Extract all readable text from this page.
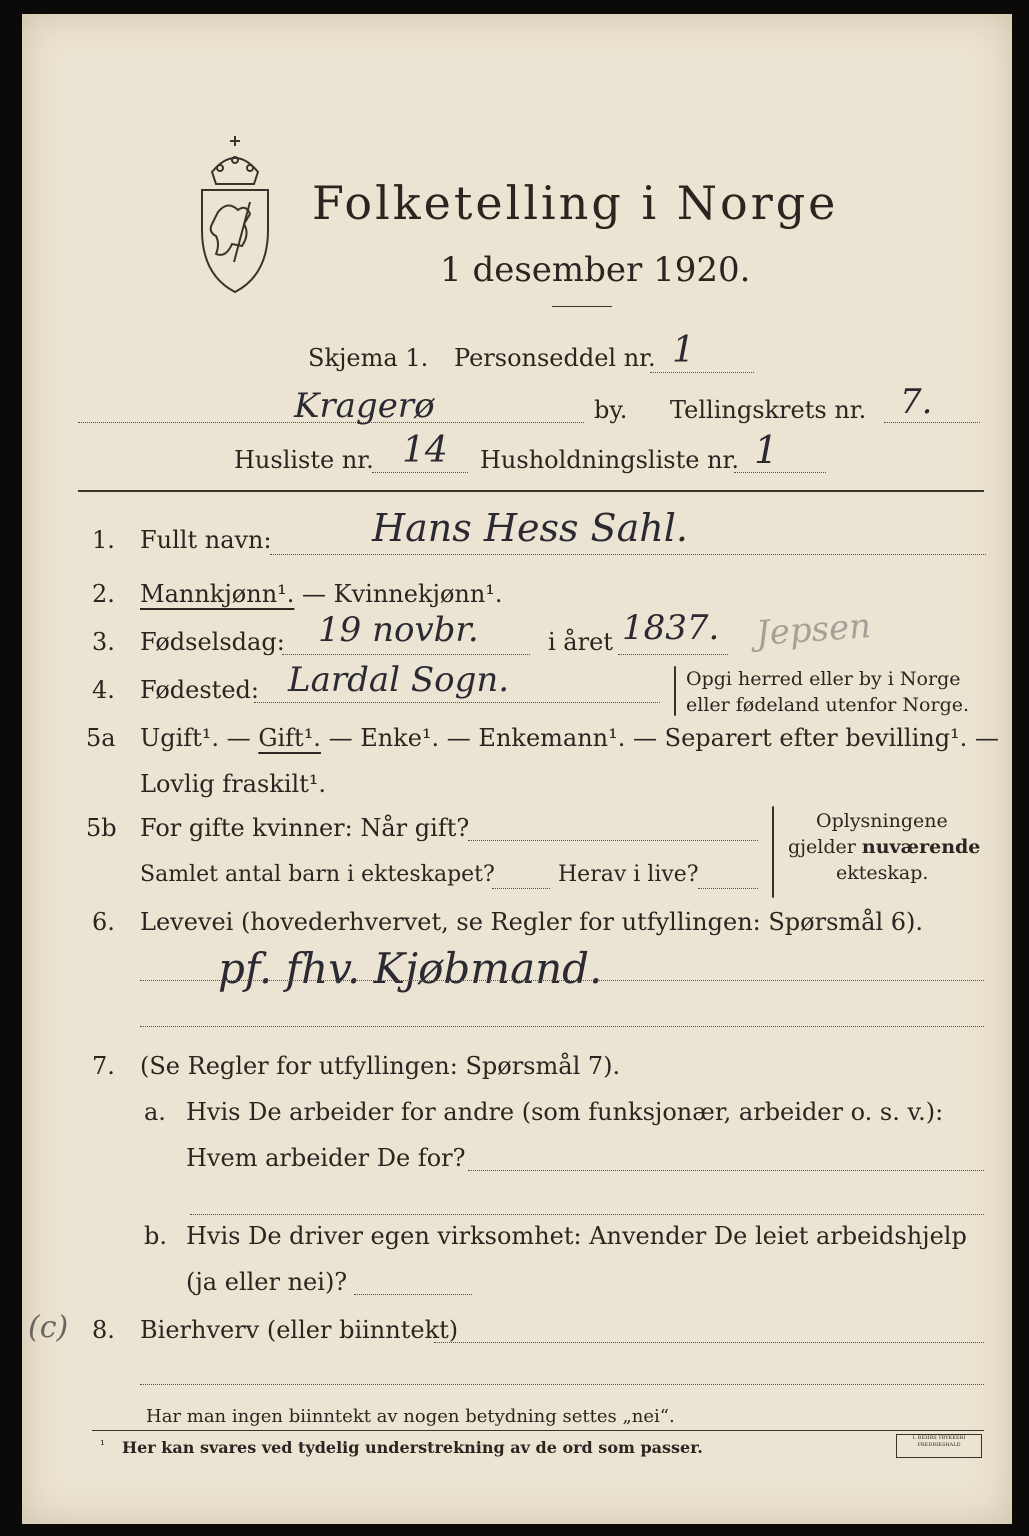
Folketelling i Norge
1 desember 1920.
Skjema 1. Personseddel nr. 1
Kragerø	by. Tellingskrets nr. 7.
Husliste nr. 14 Husholdningsliste nr. 1
1. Fullt navn:	Hans Hess Sahl.
2. Mannkjønn¹. — Kvinnekjønn¹.
3. Fødselsdag: 19 novbr.	i året 1837. Jepsen
4. Fødested: Lardal Sogn.	Opgi herred eller by i Norge
eller fødeland utenfor Norge.
5a Ugift¹. — Gift¹. — Enke¹. — Enkemann¹. — Separert efter bevilling¹. —
Lovlig fraskilt¹.
5b For gifte kvinner: Når gift?
Samlet antal barn i ekteskapet?	Herav i live?
Oplysningene
gjelder nuværende
ekteskap.
6. Levevei (hovederhvervet, se Regler for utfyllingen: Spørsmål 6).
pf. fhv. Kjøbmand.
7. (Se Regler for utfyllingen: Spørsmål 7).
a. Hvis De arbeider for andre (som funksjonær, arbeider o. s. v.):
Hvem arbeider De for?
b. Hvis De driver egen virksomhet: Anvender De leiet arbeidshjelp
(ja eller nei)?
(c) 8. Bierhverv (eller biinntekt)
Har man ingen biinntekt av nogen betydning settes „nei“.
¹ Her kan svares ved tydelig understrekning av de ord som passer.	I. BEHRS TRYKKERI FREDRIKSHALD
